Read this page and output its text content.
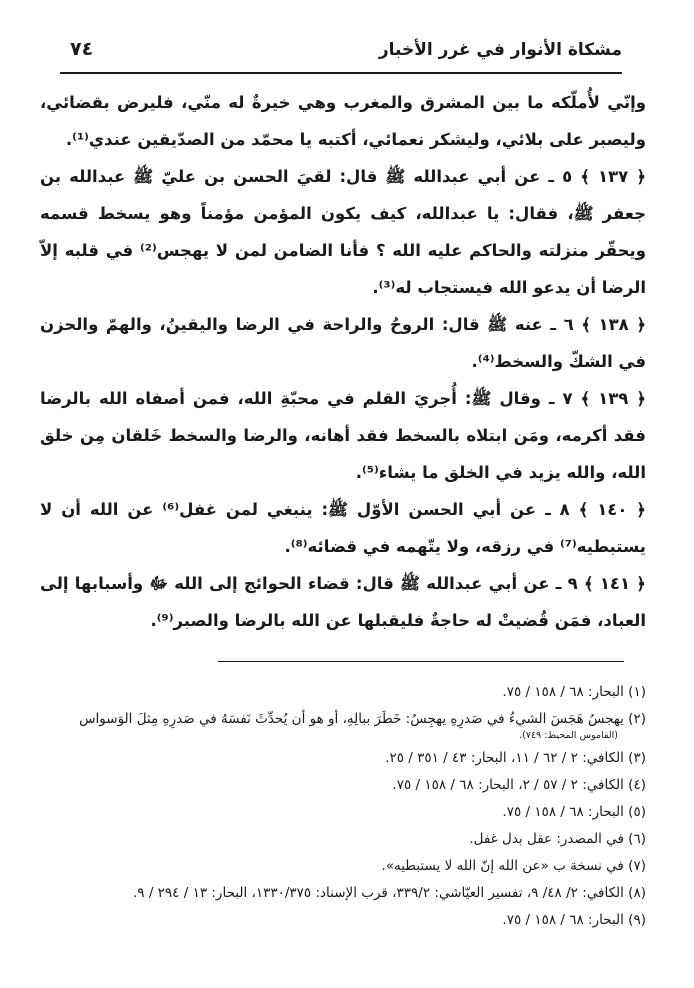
مشكاة الأنوار في غرر الأخبار
٧٤

وإنّي لأُملّكه ما بين المشرق والمغرب وهي خيرةٌ له منّي، فليرض بقضائي، وليصبر على بلائي، وليشكر نعمائي، أكتبه يا محمّد من الصدّيقين عندي⁽¹⁾.

﴿ ١٣٧ ﴾ ٥ ـ عن أبي عبدالله ﷺ قال: لقيَ الحسن بن عليّ ﷺ عبدالله بن جعفر ﷺ، فقال: يا عبدالله، كيف يكون المؤمن مؤمناً وهو يسخط قسمه ويحقّر منزلته والحاكم عليه الله ؟ فأنا الضامن لمن لا يهجس⁽²⁾ في قلبه إلاّ الرضا أن يدعو الله فيستجاب له⁽³⁾.

﴿ ١٣٨ ﴾ ٦ ـ عنه ﷺ قال: الروحُ والراحة في الرضا واليقينُ، والهمّ والحزن في الشكّ والسخط⁽⁴⁾.

﴿ ١٣٩ ﴾ ٧ ـ وقال ﷺ: أُجريَ القلم في محبّةِ الله، فمن أصفاه الله بالرضا فقد أكرمه، ومَن ابتلاه بالسخط فقد أهانه، والرضا والسخط خَلقان مِن خلق الله، والله يزيد في الخلق ما يشاء⁽⁵⁾.

﴿ ١٤٠ ﴾ ٨ ـ عن أبي الحسن الأوّل ﷺ: ينبغي لمن غفل⁽⁶⁾ عن الله أن لا يستبطيه⁽⁷⁾ في رزقه، ولا يتّهمه في قضائه⁽⁸⁾.

﴿ ١٤١ ﴾ ٩ ـ عن أبي عبدالله ﷺ قال: قضاء الحوائج إلى الله ﷻ وأسبابها إلى العباد، فمَن قُضيتْ له حاجةٌ فليقبلها عن الله بالرضا والصبر⁽⁹⁾.

(١) البحار: ٦٨ / ١٥٨ / ٧٥.

(٢) يهجسُ هَجَسَ الشيءُ في صَدرِهِ يهجِسُ: خَطَرَ ببالِهِ، أو هو أن يُحدِّثَ نَفسَهُ في صَدرِهِ مِثلَ الوَسواس

(القاموس المحيط: ٧٤٩).

(٣) الكافي: ٢ / ٦٢ / ١١، البحار: ٤٣ / ٣٥١ / ٢٥.

(٤) الكافي: ٢ / ٥٧ / ٢، البحار: ٦٨ / ١٥٨ / ٧٥.

(٥) البحار: ٦٨ / ١٥٨ / ٧٥.

(٦) في المصدر: عقل بدل غفل.

(٧) في نسخة ب «عن الله إنّ الله لا يستبطيه».

(٨) الكافي: ٢/ ٤٨/ ٩، تفسير العيّاشي: ٣٣٩/٢، قرب الإسناد: ١٣٣٠/٣٧٥، البحار: ١٣ / ٢٩٤ / ٩.

(٩) البحار: ٦٨ / ١٥٨ / ٧٥.
